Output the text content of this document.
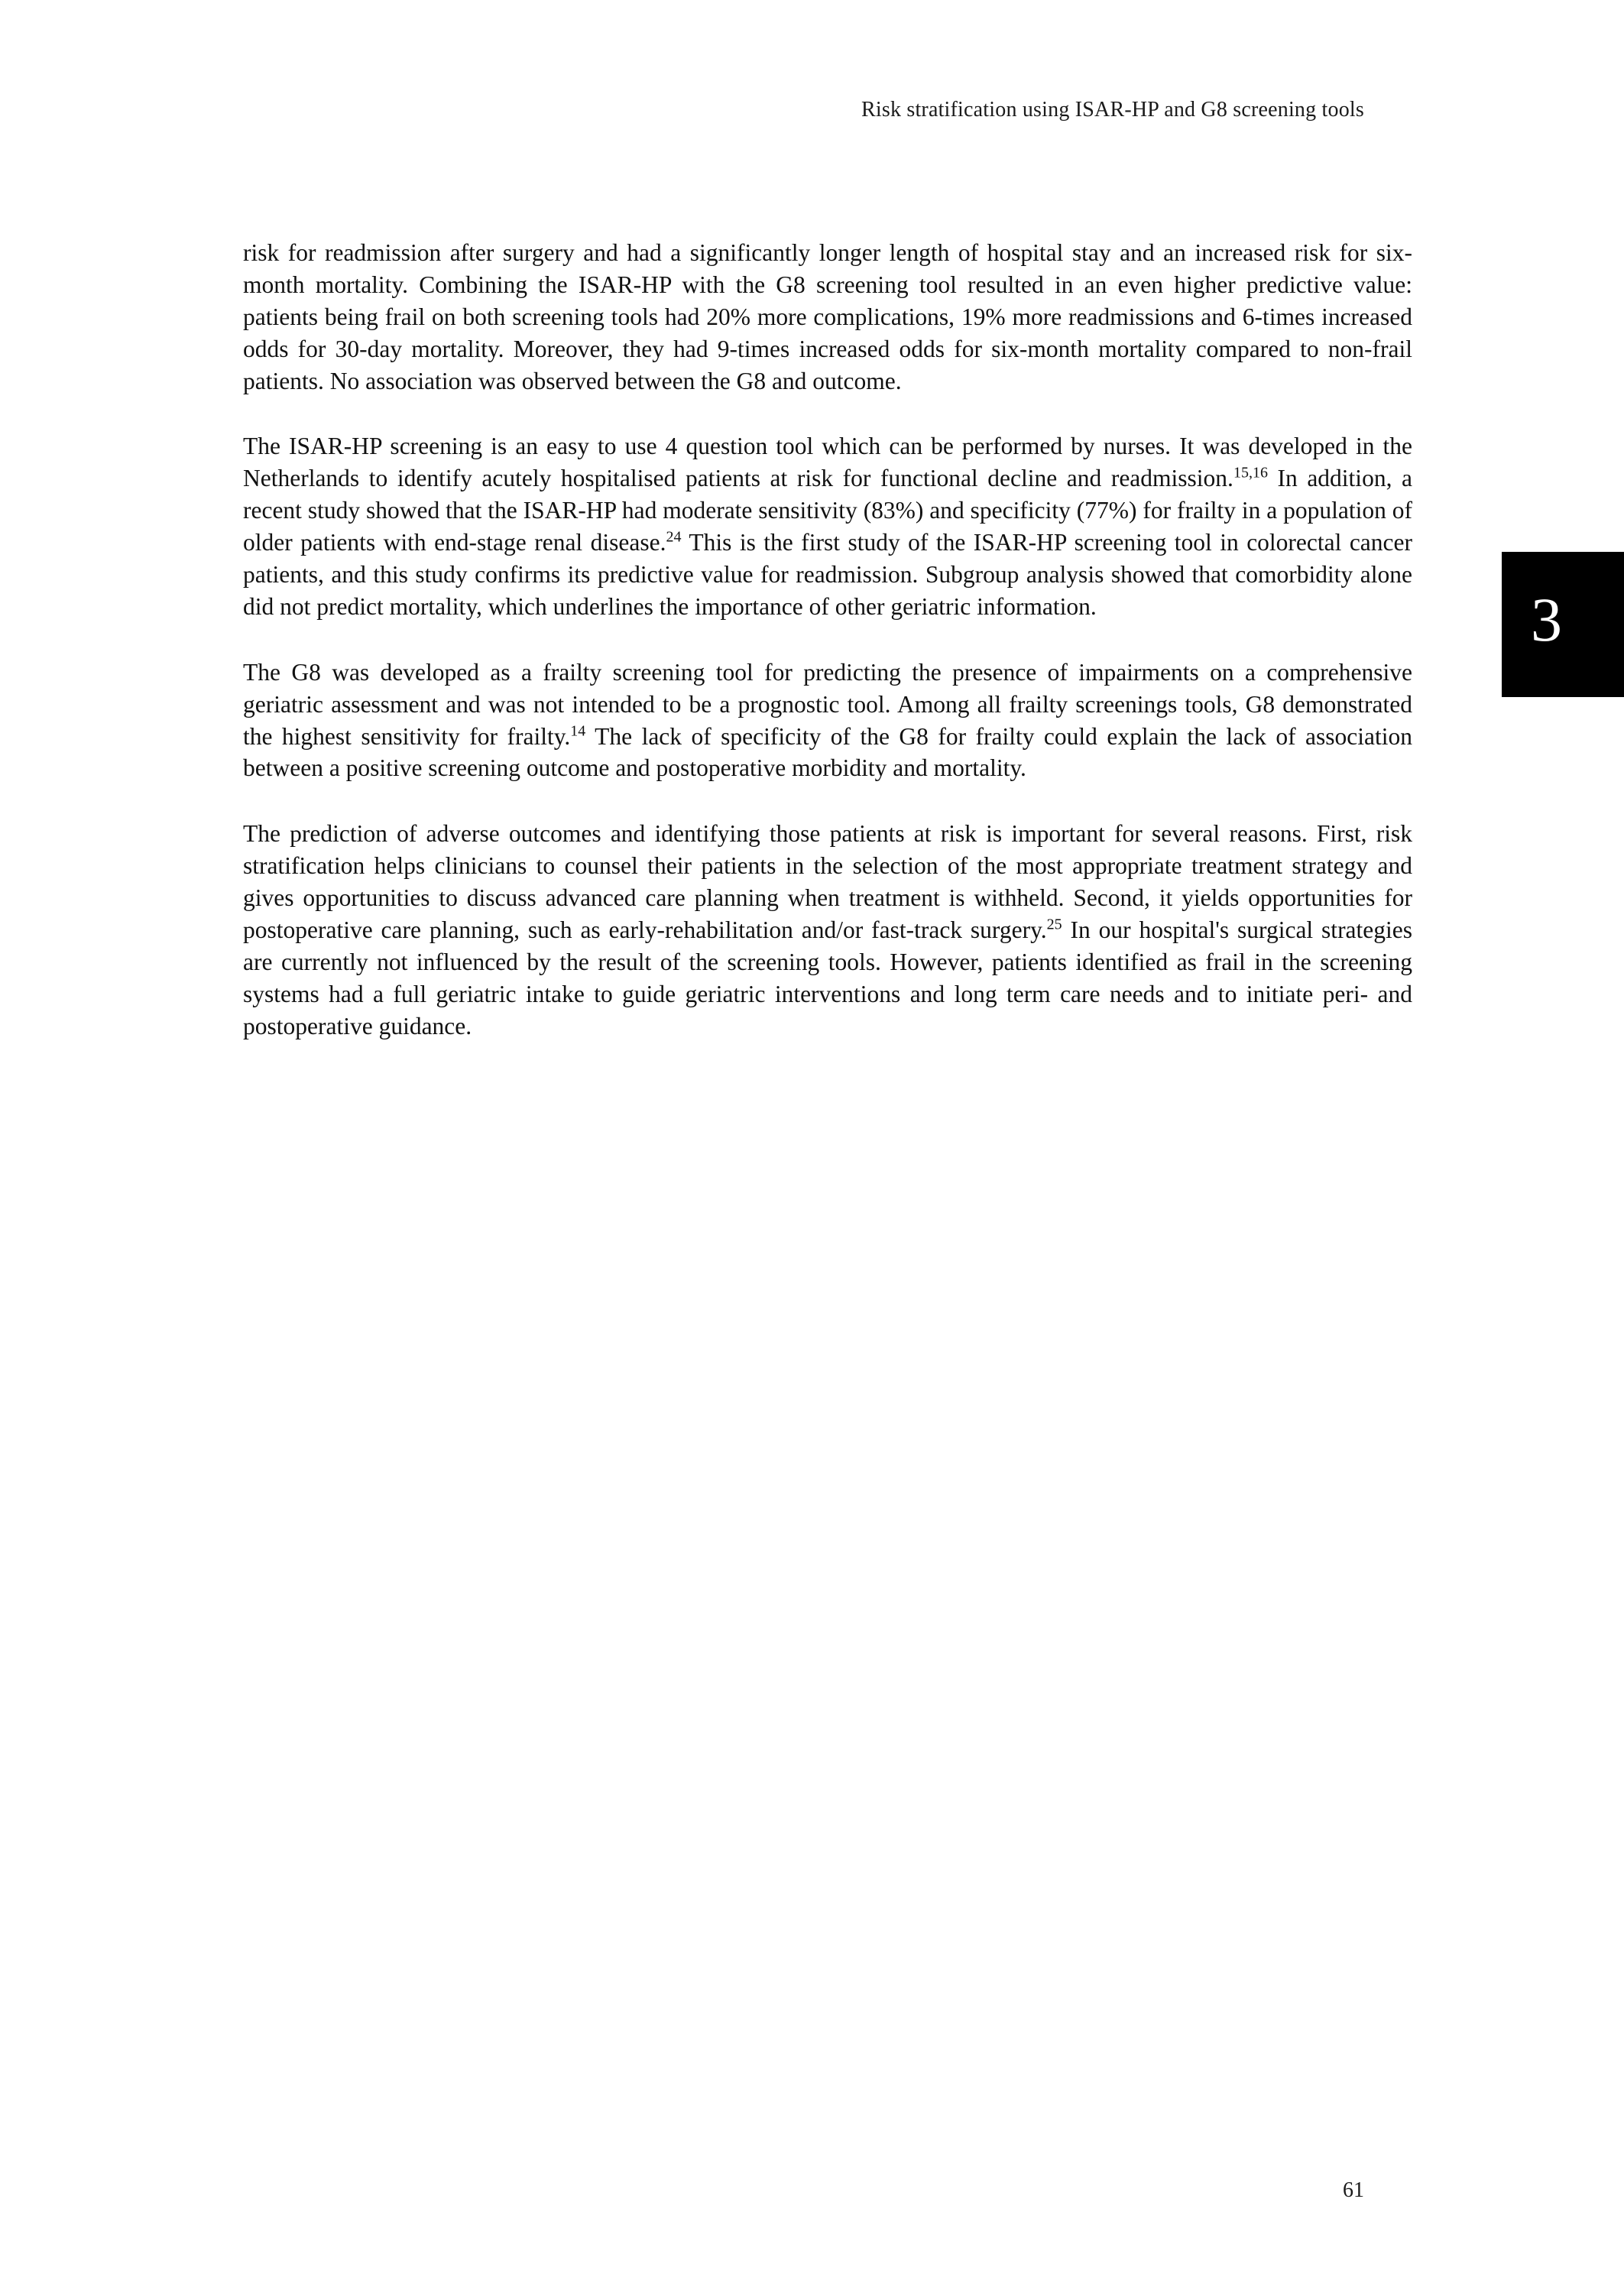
Risk stratification using ISAR-HP and G8 screening tools
3

risk for readmission after surgery and had a significantly longer length of hospital stay and an increased risk for six-month mortality. Combining the ISAR-HP with the G8 screening tool resulted in an even higher predictive value: patients being frail on both screening tools had 20% more complications, 19% more readmissions and 6-times increased odds for 30-day mortality. Moreover, they had 9-times increased odds for six-month mortality compared to non-frail patients. No association was observed between the G8 and outcome.

The ISAR-HP screening is an easy to use 4 question tool which can be performed by nurses. It was developed in the Netherlands to identify acutely hospitalised patients at risk for functional decline and readmission.$^{15,16}$ In addition, a recent study showed that the ISAR-HP had moderate sensitivity (83%) and specificity (77%) for frailty in a population of older patients with end-stage renal disease.$^{24}$ This is the first study of the ISAR-HP screening tool in colorectal cancer patients, and this study confirms its predictive value for readmission. Subgroup analysis showed that comorbidity alone did not predict mortality, which underlines the importance of other geriatric information.

The G8 was developed as a frailty screening tool for predicting the presence of impairments on a comprehensive geriatric assessment and was not intended to be a prognostic tool. Among all frailty screenings tools, G8 demonstrated the highest sensitivity for frailty.$^{14}$ The lack of specificity of the G8 for frailty could explain the lack of association between a positive screening outcome and postoperative morbidity and mortality.

The prediction of adverse outcomes and identifying those patients at risk is important for several reasons. First, risk stratification helps clinicians to counsel their patients in the selection of the most appropriate treatment strategy and gives opportunities to discuss advanced care planning when treatment is withheld. Second, it yields opportunities for postoperative care planning, such as early-rehabilitation and/or fast-track surgery.$^{25}$ In our hospital's surgical strategies are currently not influenced by the result of the screening tools. However, patients identified as frail in the screening systems had a full geriatric intake to guide geriatric interventions and long term care needs and to initiate peri- and postoperative guidance.

61
